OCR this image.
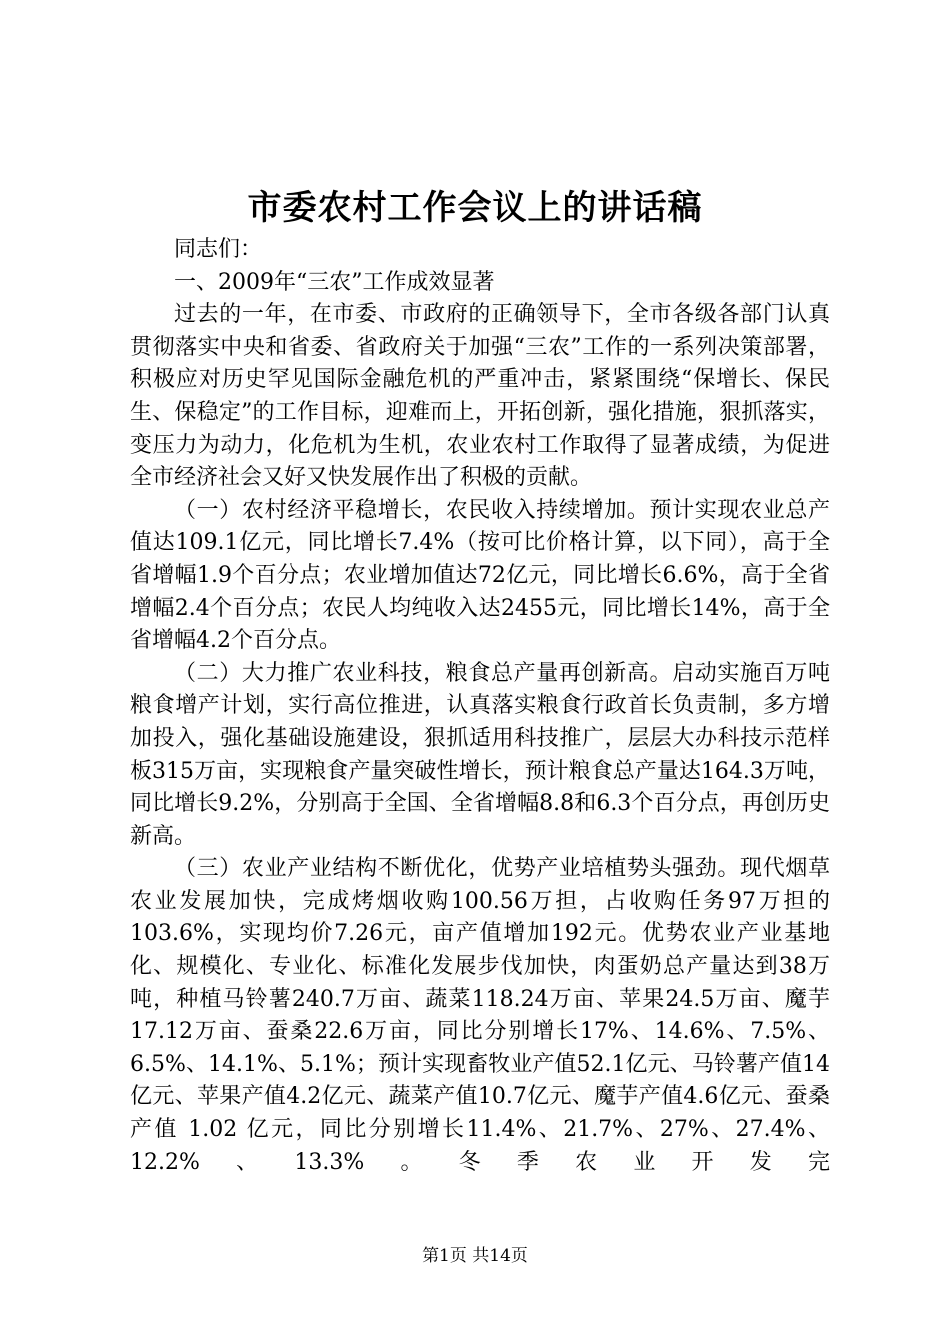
市委农村工作会议上的讲话稿

同志们：

一、2009年“三农”工作成效显著

过去的一年，在市委、市政府的正确领导下，全市各级各部门认真贯彻落实中央和省委、省政府关于加强“三农”工作的一系列决策部署，积极应对历史罕见国际金融危机的严重冲击，紧紧围绕“保增长、保民生、保稳定”的工作目标，迎难而上，开拓创新，强化措施，狠抓落实，变压力为动力，化危机为生机，农业农村工作取得了显著成绩，为促进全市经济社会又好又快发展作出了积极的贡献。

（一）农村经济平稳增长，农民收入持续增加。预计实现农业总产值达109.1亿元，同比增长7.4%（按可比价格计算，以下同），高于全省增幅1.9个百分点；农业增加值达72亿元，同比增长6.6%，高于全省增幅2.4个百分点；农民人均纯收入达2455元，同比增长14%，高于全省增幅4.2个百分点。

（二）大力推广农业科技，粮食总产量再创新高。启动实施百万吨粮食增产计划，实行高位推进，认真落实粮食行政首长负责制，多方增加投入，强化基础设施建设，狠抓适用科技推广，层层大办科技示范样板315万亩，实现粮食产量突破性增长，预计粮食总产量达164.3万吨，同比增长9.2%，分别高于全国、全省增幅8.8和6.3个百分点，再创历史新高。

（三）农业产业结构不断优化，优势产业培植势头强劲。现代烟草农业发展加快，完成烤烟收购100.56万担，占收购任务97万担的103.6%，实现均价7.26元，亩产值增加192元。优势农业产业基地化、规模化、专业化、标准化发展步伐加快，肉蛋奶总产量达到38万吨，种植马铃薯240.7万亩、蔬菜118.24万亩、苹果24.5万亩、魔芋17.12万亩、蚕桑22.6万亩，同比分别增长17%、14.6%、7.5%、6.5%、14.1%、5.1%；预计实现畜牧业产值52.1亿元、马铃薯产值14亿元、苹果产值4.2亿元、蔬菜产值10.7亿元、魔芋产值4.6亿元、蚕桑产值 1.02 亿元，同比分别增长11.4%、21.7%、27%、27.4%、12.2%、13.3%。冬季农业开发完

第1页 共14页
